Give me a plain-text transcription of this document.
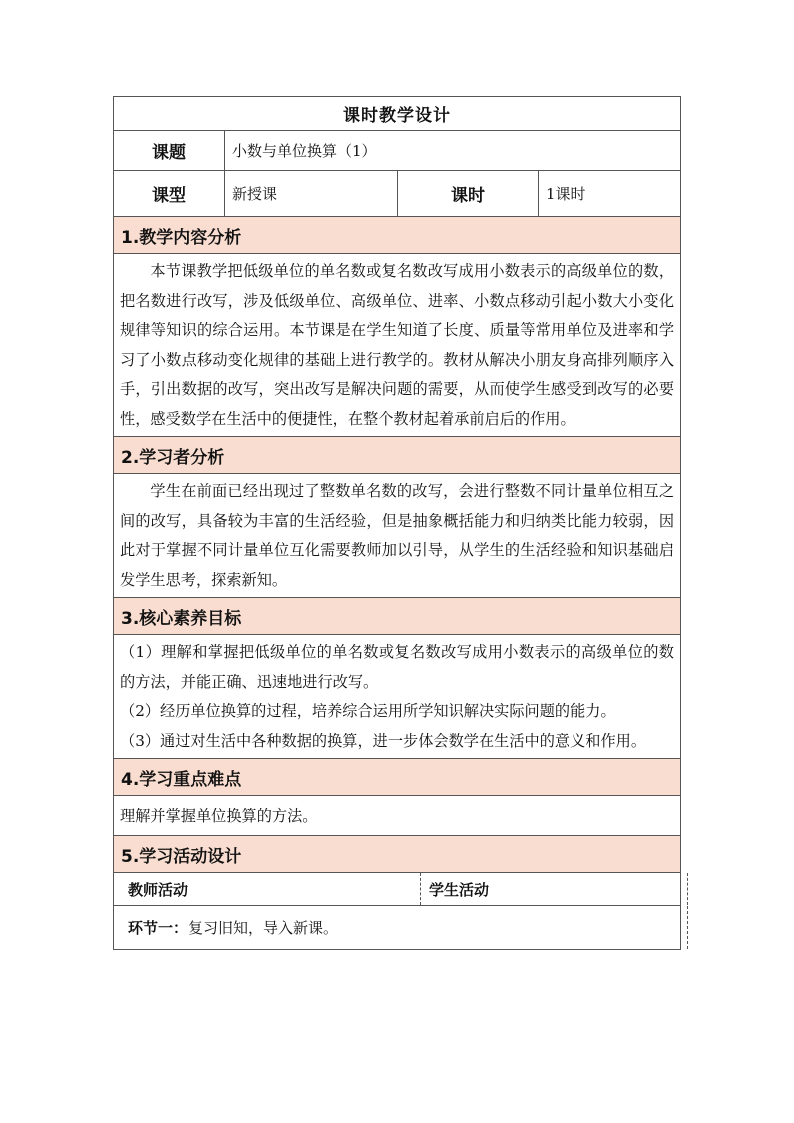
课时教学设计
课题	小数与单位换算（1）
课型	新授课	课时	1课时
1.教学内容分析
本节课教学把低级单位的单名数或复名数改写成用小数表示的高级单位的数，把名数进行改写，涉及低级单位、高级单位、进率、小数点移动引起小数大小变化规律等知识的综合运用。本节课是在学生知道了长度、质量等常用单位及进率和学习了小数点移动变化规律的基础上进行教学的。教材从解决小朋友身高排列顺序入手，引出数据的改写，突出改写是解决问题的需要，从而使学生感受到改写的必要性，感受数学在生活中的便捷性，在整个教材起着承前启后的作用。
2.学习者分析
学生在前面已经出现过了整数单名数的改写，会进行整数不同计量单位相互之间的改写，具备较为丰富的生活经验，但是抽象概括能力和归纳类比能力较弱，因此对于掌握不同计量单位互化需要教师加以引导，从学生的生活经验和知识基础启发学生思考，探索新知。
3.核心素养目标

（1）理解和掌握把低级单位的单名数或复名数改写成用小数表示的高级单位的数的方法，并能正确、迅速地进行改写。

（2）经历单位换算的过程，培养综合运用所学知识解决实际问题的能力。

（3）通过对生活中各种数据的换算，进一步体会数学在生活中的意义和作用。

4.学习重点难点
理解并掌握单位换算的方法。
5.学习活动设计
教师活动	学生活动
环节一： 复习旧知，导入新课。
